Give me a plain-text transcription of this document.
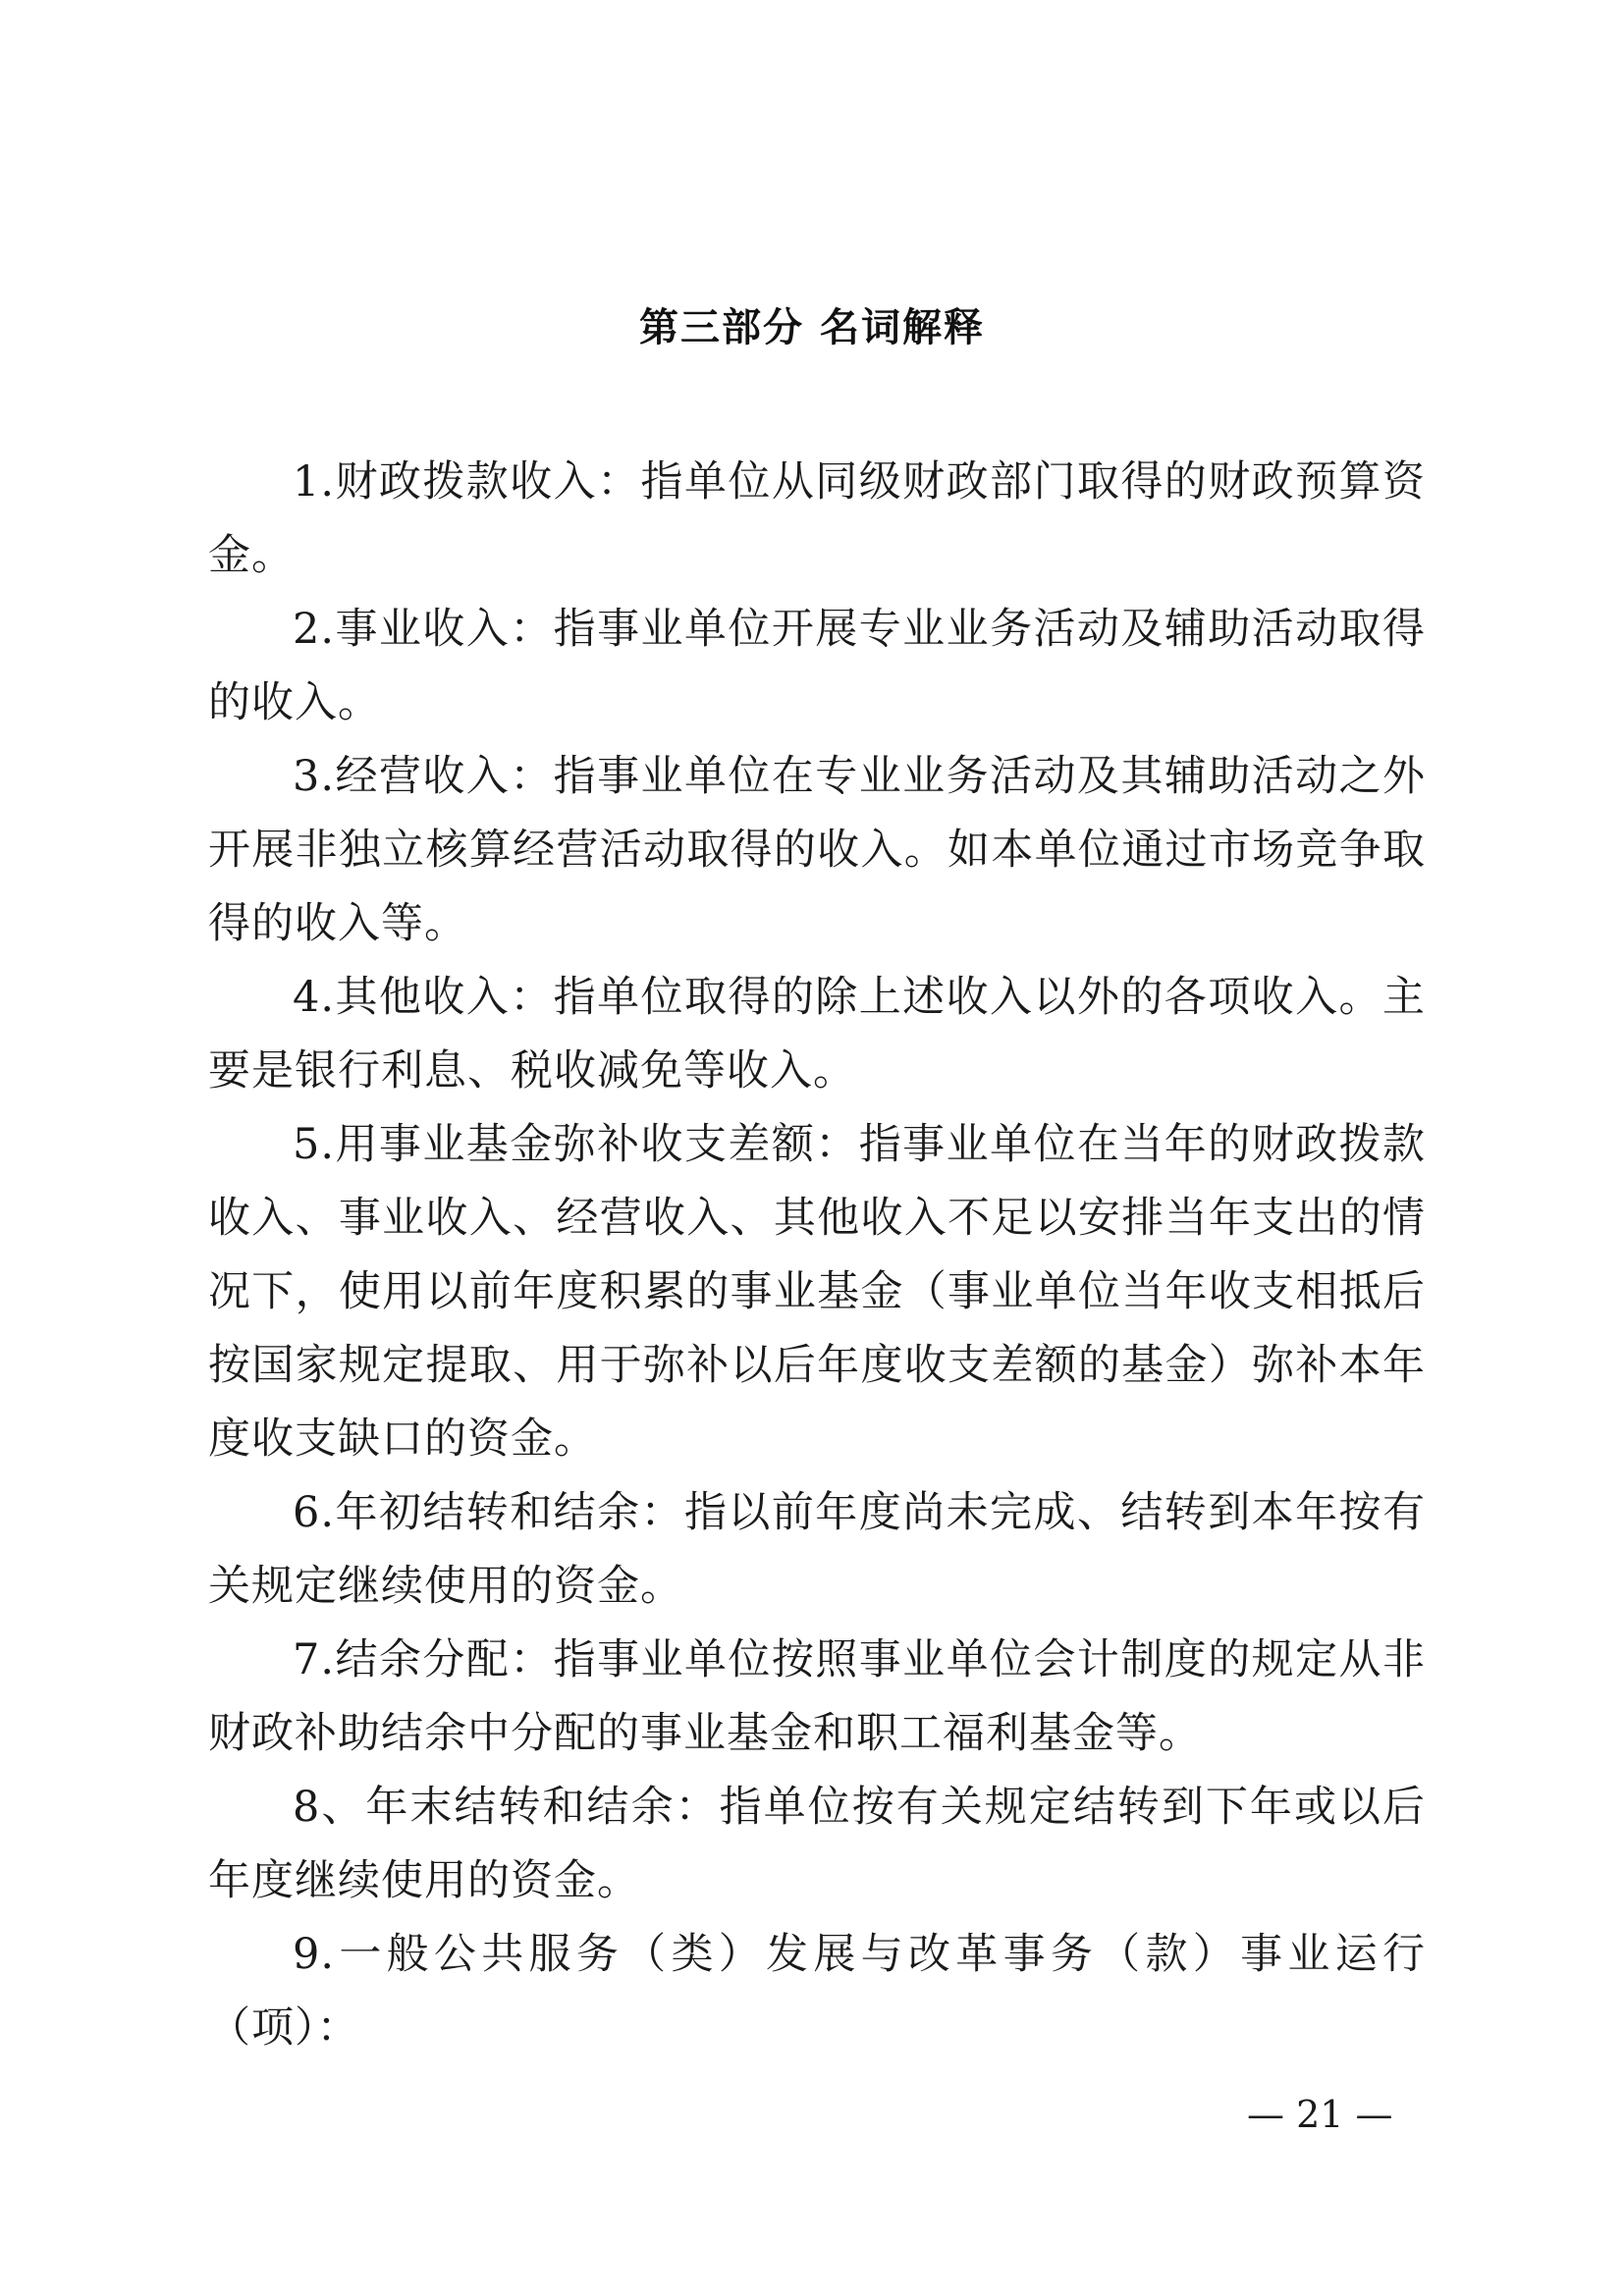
第三部分 名词解释

1.财政拨款收入：指单位从同级财政部门取得的财政预算资金。

2.事业收入：指事业单位开展专业业务活动及辅助活动取得的收入。

3.经营收入：指事业单位在专业业务活动及其辅助活动之外开展非独立核算经营活动取得的收入。如本单位通过市场竞争取得的收入等。

4.其他收入：指单位取得的除上述收入以外的各项收入。主要是银行利息、税收减免等收入。

5.用事业基金弥补收支差额：指事业单位在当年的财政拨款收入、事业收入、经营收入、其他收入不足以安排当年支出的情况下，使用以前年度积累的事业基金（事业单位当年收支相抵后按国家规定提取、用于弥补以后年度收支差额的基金）弥补本年度收支缺口的资金。

6.年初结转和结余：指以前年度尚未完成、结转到本年按有关规定继续使用的资金。

7.结余分配：指事业单位按照事业单位会计制度的规定从非财政补助结余中分配的事业基金和职工福利基金等。

8、年末结转和结余：指单位按有关规定结转到下年或以后年度继续使用的资金。

9.一般公共服务（类）发展与改革事务（款）事业运行（项）：

— 21 —
